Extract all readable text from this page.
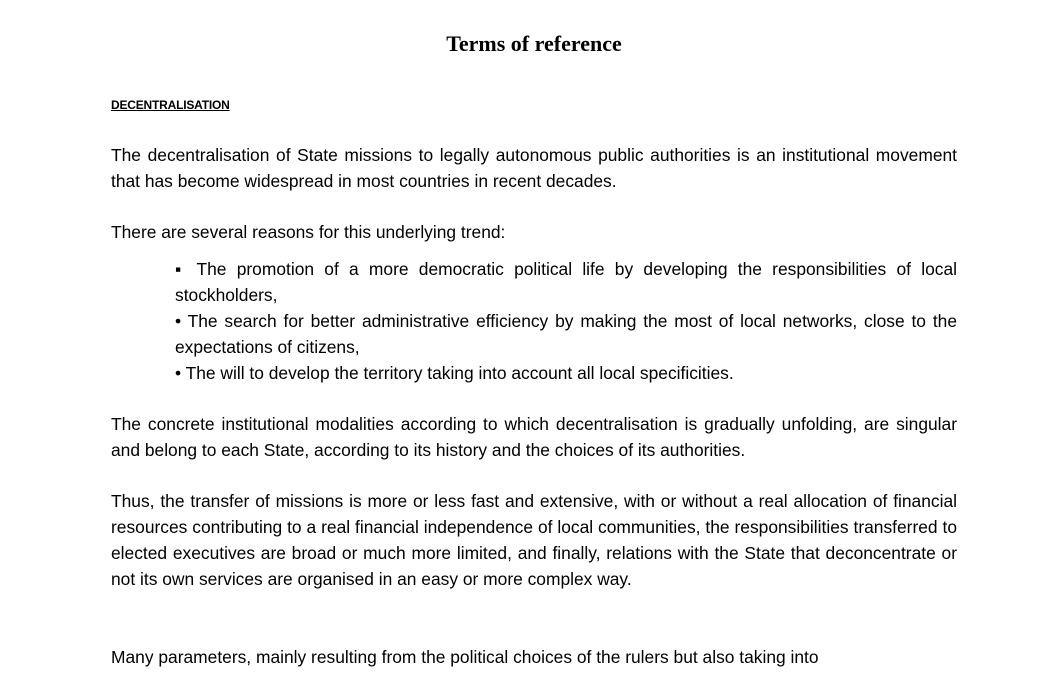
Terms of reference
DECENTRALISATION

The decentralisation of State missions to legally autonomous public authorities is an institutional movement that has become widespread in most countries in recent decades.

There are several reasons for this underlying trend:

▪ The promotion of a more democratic political life by developing the responsibilities of local stockholders,
• The search for better administrative efficiency by making the most of local networks, close to the expectations of citizens,
• The will to develop the territory taking into account all local specificities.

The concrete institutional modalities according to which decentralisation is gradually unfolding, are singular and belong to each State, according to its history and the choices of its authorities.

Thus, the transfer of missions is more or less fast and extensive, with or without a real allocation of financial resources contributing to a real financial independence of local communities, the responsibilities transferred to elected executives are broad or much more limited, and finally, relations with the State that deconcentrate or not its own services are organised in an easy or more complex way.

Many parameters, mainly resulting from the political choices of the rulers but also taking into
